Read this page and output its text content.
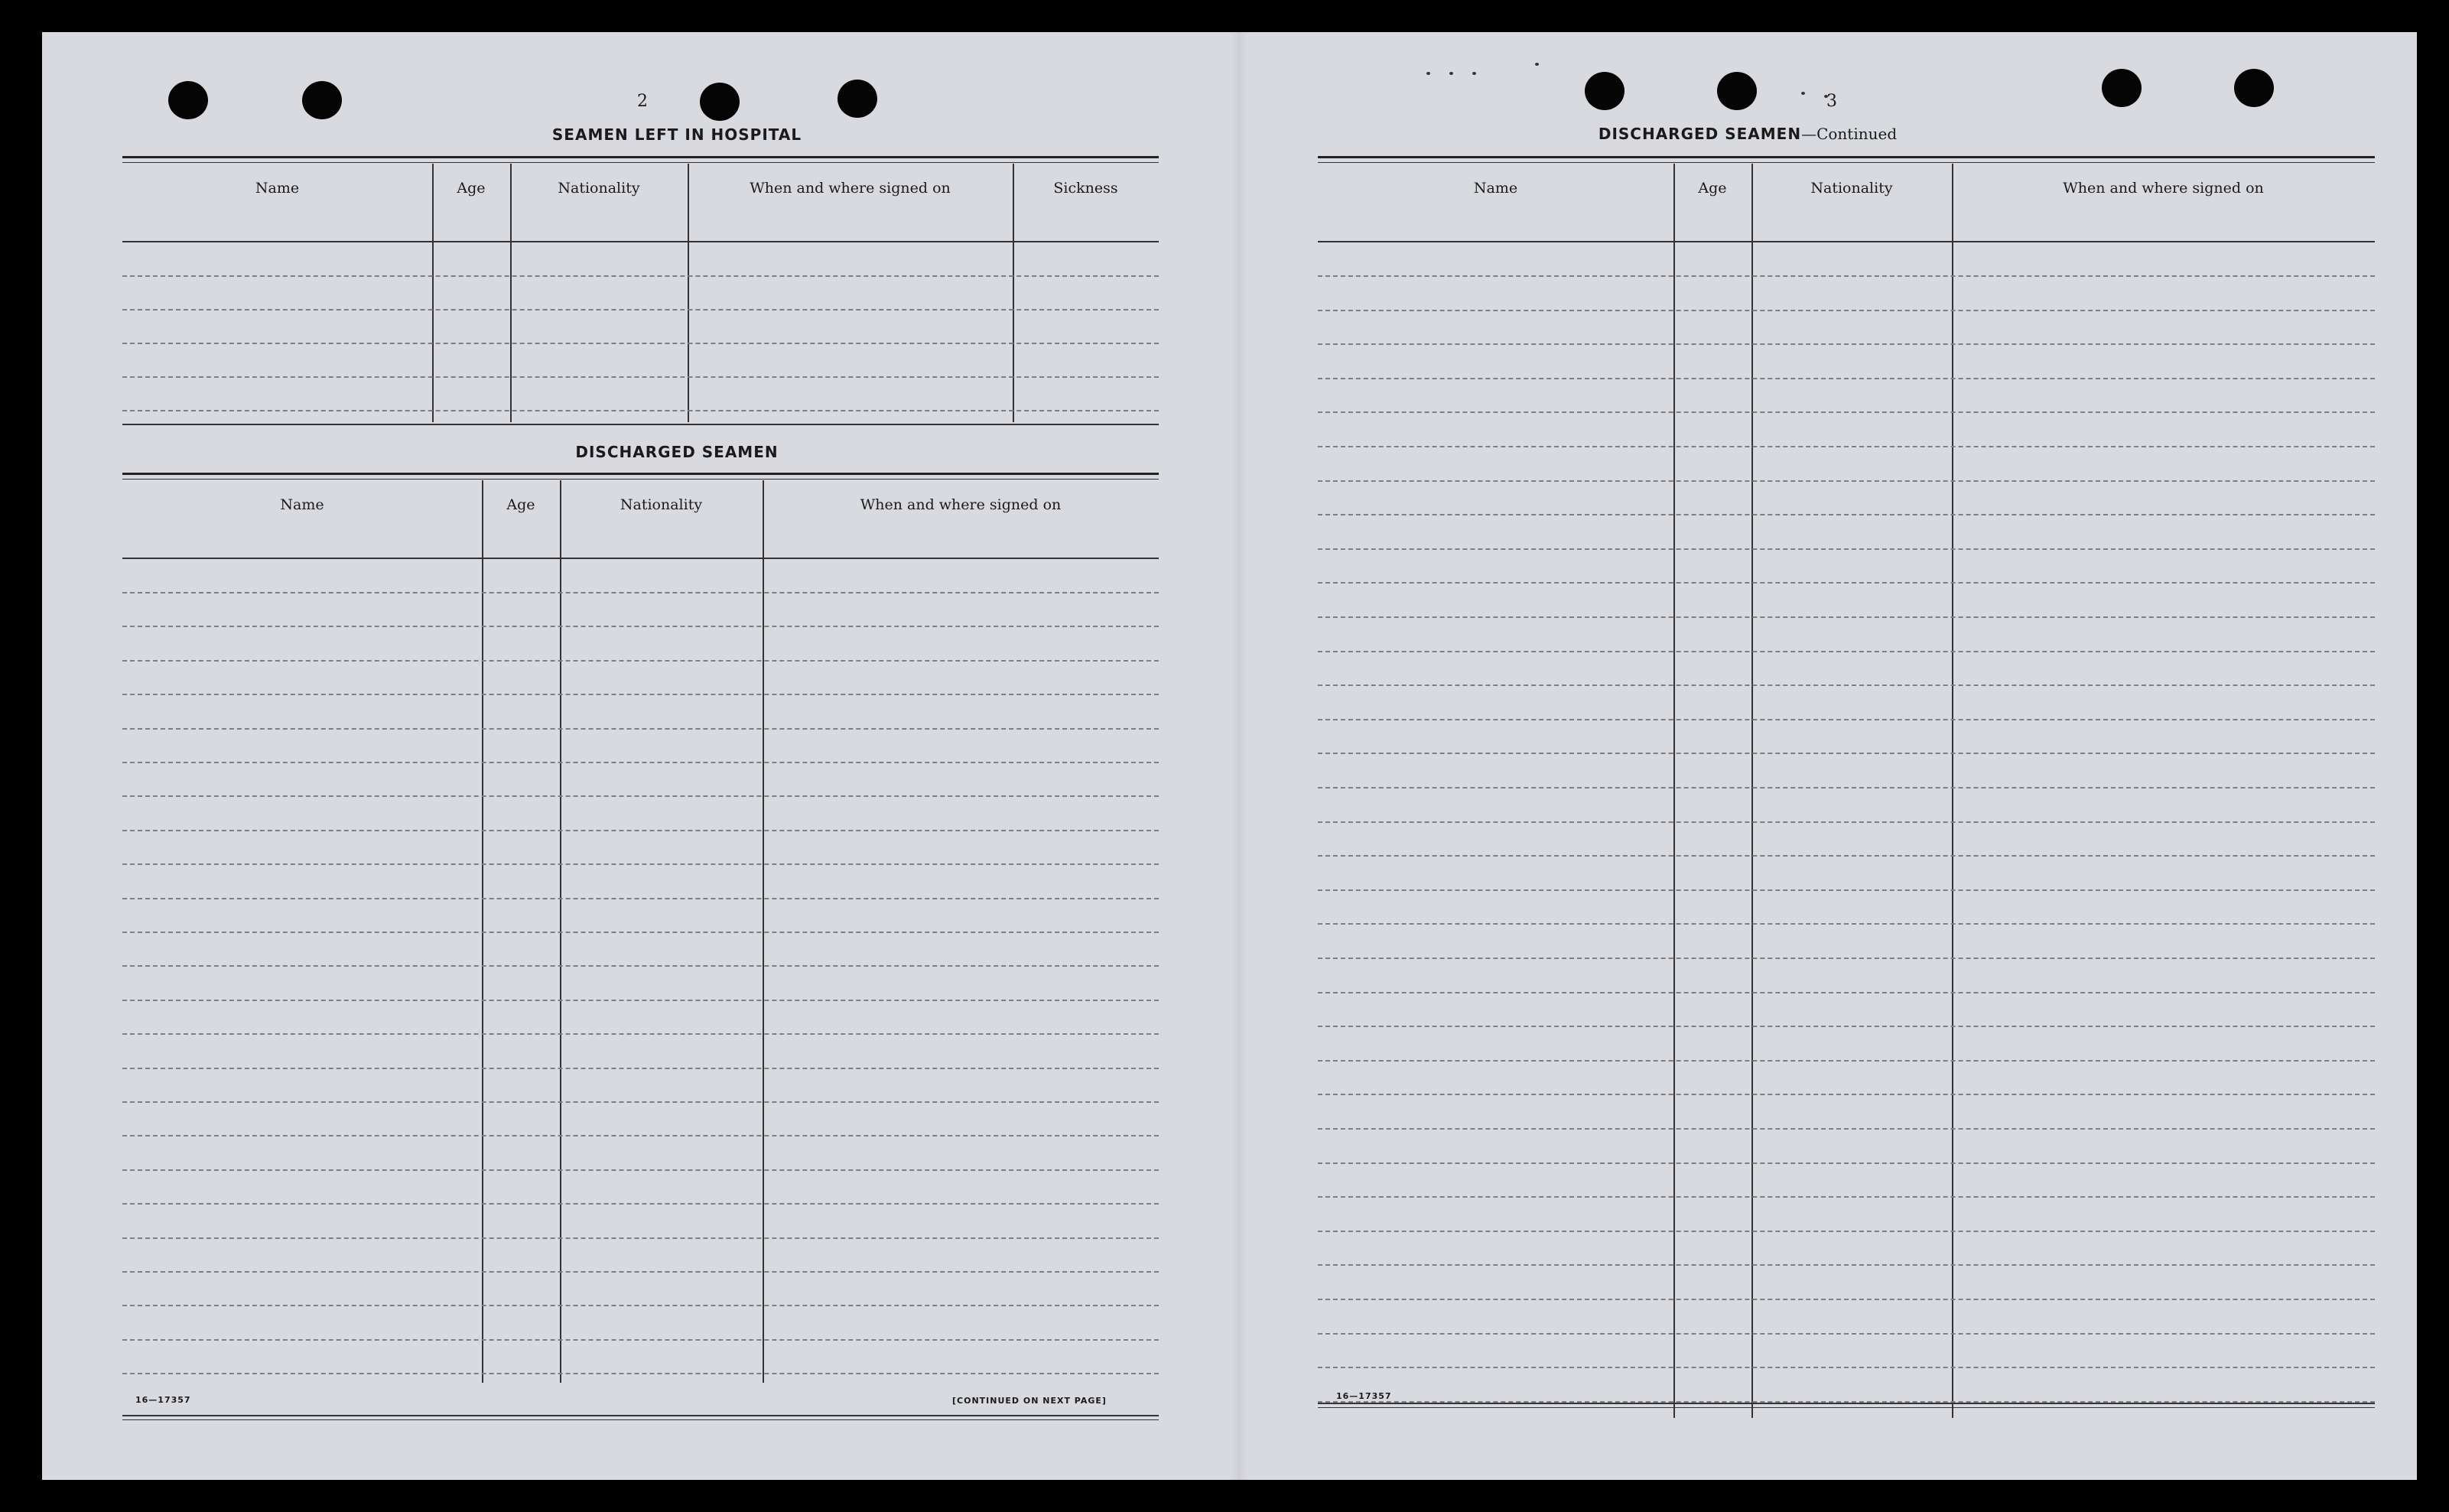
2	3
SEAMEN LEFT IN HOSPITAL
Name	Age	Nationality	When and where signed on	Sickness
DISCHARGED SEAMEN
Name	Age	Nationality	When and where signed on
16—17357	[CONTINUED ON NEXT PAGE]
DISCHARGED SEAMEN—Continued
Name	Age	Nationality	When and where signed on
16—17357
